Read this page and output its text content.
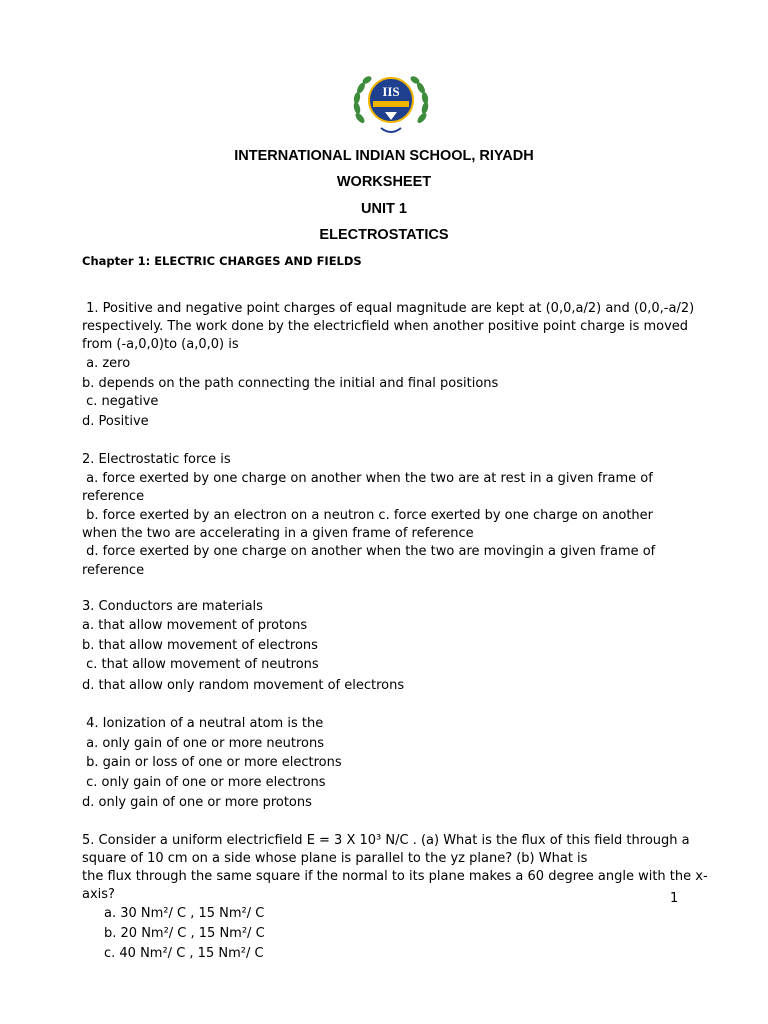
IIS
INTERNATIONAL INDIAN SCHOOL, RIYADH
WORKSHEET
UNIT 1
ELECTROSTATICS
Chapter 1: ELECTRIC CHARGES AND FIELDS
1. Positive and negative point charges of equal magnitude are kept at (0,0,a/2) and (0,0,-a/2)
respectively. The work done by the electricfield when another positive point charge is moved
from (-a,0,0)to (a,0,0) is
a. zero
b. depends on the path connecting the initial and final positions
c. negative
d. Positive
2. Electrostatic force is
a. force exerted by one charge on another when the two are at rest in a given frame of
reference
b. force exerted by an electron on a neutron c. force exerted by one charge on another
when the two are accelerating in a given frame of reference
d. force exerted by one charge on another when the two are movingin a given frame of
reference
3. Conductors are materials
a. that allow movement of protons
b. that allow movement of electrons
c. that allow movement of neutrons
d. that allow only random movement of electrons
4. Ionization of a neutral atom is the
a. only gain of one or more neutrons
b. gain or loss of one or more electrons
c. only gain of one or more electrons
d. only gain of one or more protons
5. Consider a uniform electricfield E = 3 X 10³ N/C . (a) What is the flux of this field through a
square of 10 cm on a side whose plane is parallel to the yz plane? (b) What is
the flux through the same square if the normal to its plane makes a 60 degree angle with the x-
axis?
a. 30 Nm²/ C , 15 Nm²/ C
b. 20 Nm²/ C , 15 Nm²/ C
c. 40 Nm²/ C , 15 Nm²/ C
1
